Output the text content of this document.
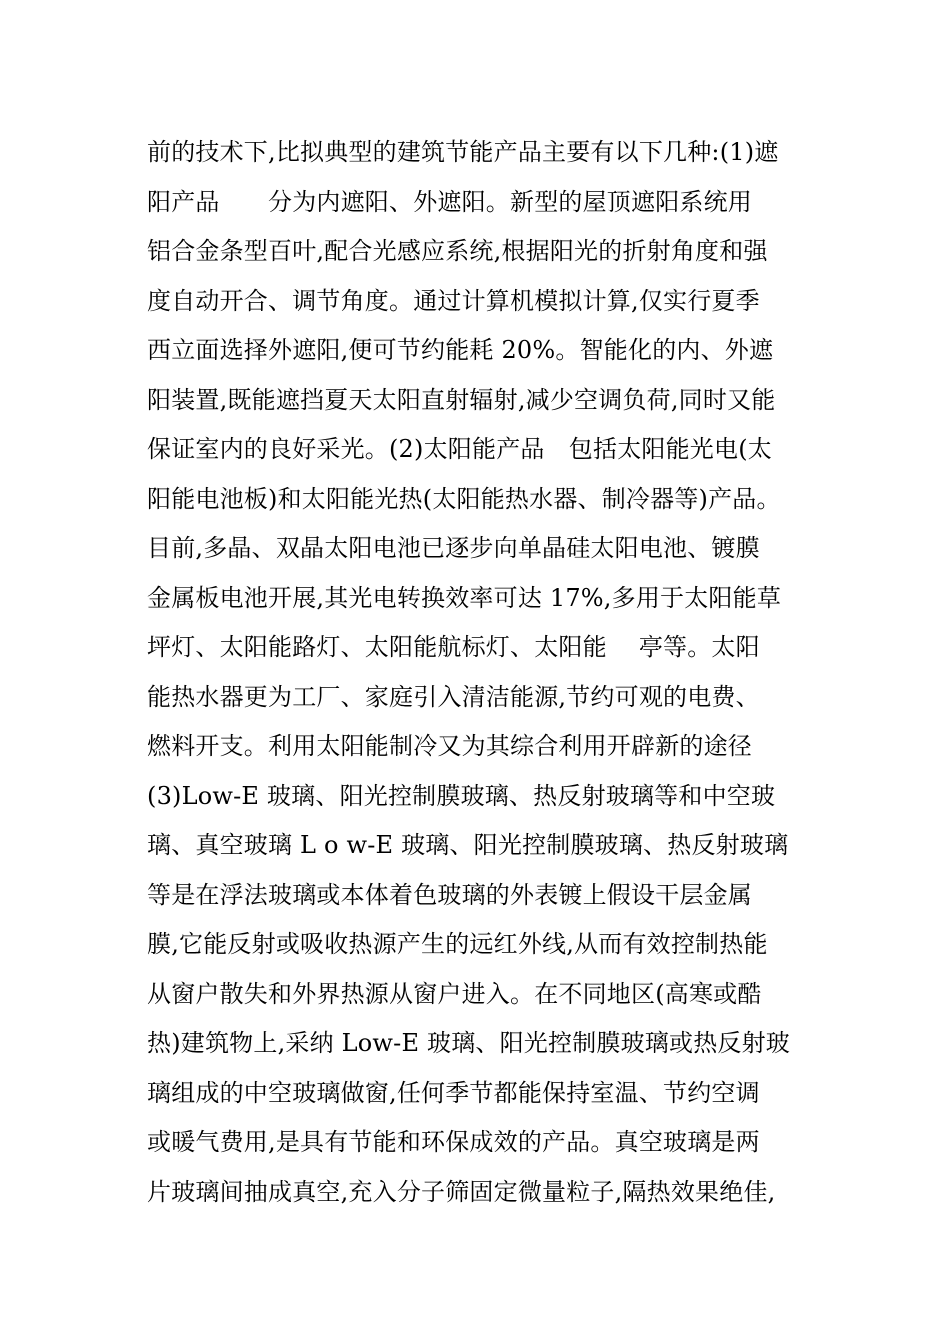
前的技术下,比拟典型的建筑节能产品主要有以下几种:(1)遮
阳产品　　分为内遮阳、外遮阳。新型的屋顶遮阳系统用
铝合金条型百叶,配合光感应系统,根据阳光的折射角度和强
度自动开合、调节角度。通过计算机模拟计算,仅实行夏季
西立面选择外遮阳,便可节约能耗 20%。智能化的内、外遮
阳装置,既能遮挡夏天太阳直射辐射,减少空调负荷,同时又能
保证室内的良好采光。(2)太阳能产品　包括太阳能光电(太
阳能电池板)和太阳能光热(太阳能热水器、制冷器等)产品。
目前,多晶、双晶太阳电池已逐步向单晶硅太阳电池、镀膜
金属板电池开展,其光电转换效率可达 17%,多用于太阳能草
坪灯、太阳能路灯、太阳能航标灯、太阳能　 亭等。太阳
能热水器更为工厂、家庭引入清洁能源,节约可观的电费、
燃料开支。利用太阳能制冷又为其综合利用开辟新的途径
(3)Low-E 玻璃、阳光控制膜玻璃、热反射玻璃等和中空玻
璃、真空玻璃 L o w-E 玻璃、阳光控制膜玻璃、热反射玻璃
等是在浮法玻璃或本体着色玻璃的外表镀上假设干层金属
膜,它能反射或吸收热源产生的远红外线,从而有效控制热能
从窗户散失和外界热源从窗户进入。在不同地区(高寒或酷
热)建筑物上,采纳 Low-E 玻璃、阳光控制膜玻璃或热反射玻
璃组成的中空玻璃做窗,任何季节都能保持室温、节约空调
或暖气费用,是具有节能和环保成效的产品。真空玻璃是两
片玻璃间抽成真空,充入分子筛固定微量粒子,隔热效果绝佳,
